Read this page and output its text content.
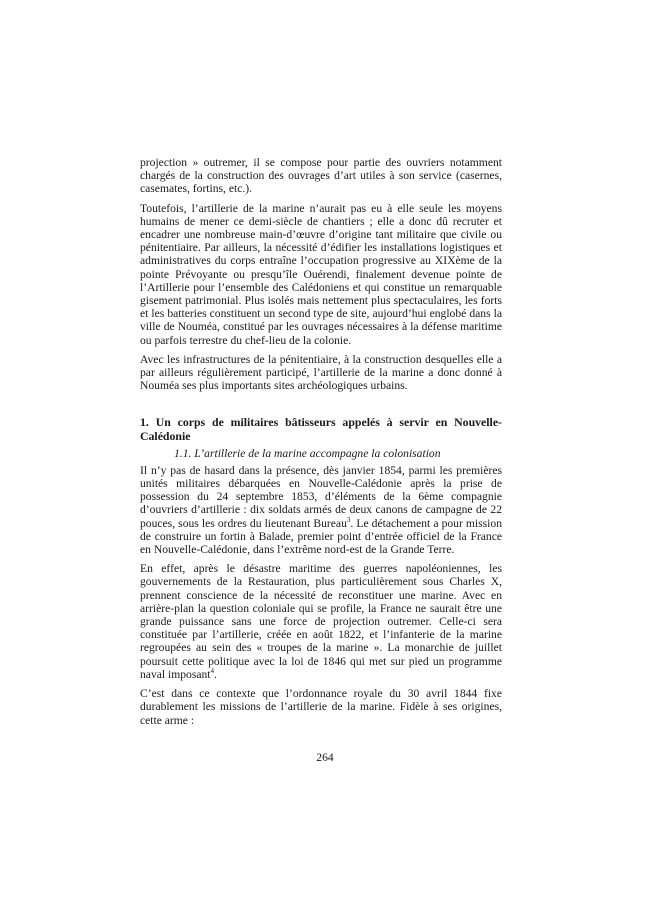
projection » outremer, il se compose pour partie des ouvriers notamment chargés de la construction des ouvrages d’art utiles à son service (casernes, casemates, fortins, etc.).

Toutefois, l’artillerie de la marine n’aurait pas eu à elle seule les moyens humains de mener ce demi-siècle de chantiers ; elle a donc dû recruter et encadrer une nombreuse main-d’œuvre d’origine tant militaire que civile ou pénitentiaire. Par ailleurs, la nécessité d’édifier les installations logistiques et administratives du corps entraîne l’occupation progressive au XIXème de la pointe Prévoyante ou presqu’île Ouérendi, finalement devenue pointe de l’Artillerie pour l’ensemble des Calédoniens et qui constitue un remarquable gisement patrimonial. Plus isolés mais nettement plus spectaculaires, les forts et les batteries constituent un second type de site, aujourd’hui englobé dans la ville de Nouméa, constitué par les ouvrages nécessaires à la défense maritime ou parfois terrestre du chef-lieu de la colonie.

Avec les infrastructures de la pénitentiaire, à la construction desquelles elle a par ailleurs régulièrement participé, l’artillerie de la marine a donc donné à Nouméa ses plus importants sites archéologiques urbains.

1. Un corps de militaires bâtisseurs appelés à servir en Nouvelle-Calédonie
1.1. L’artillerie de la marine accompagne la colonisation

Il n’y pas de hasard dans la présence, dès janvier 1854, parmi les premières unités militaires débarquées en Nouvelle-Calédonie après la prise de possession du 24 septembre 1853, d’éléments de la 6ème compagnie d’ouvriers d’artillerie : dix soldats armés de deux canons de campagne de 22 pouces, sous les ordres du lieutenant Bureau$^3$. Le détachement a pour mission de construire un fortin à Balade, premier point d’entrée officiel de la France en Nouvelle-Calédonie, dans l’extrême nord-est de la Grande Terre.

En effet, après le désastre maritime des guerres napoléoniennes, les gouvernements de la Restauration, plus particulièrement sous Charles X, prennent conscience de la nécessité de reconstituer une marine. Avec en arrière-plan la question coloniale qui se profile, la France ne saurait être une grande puissance sans une force de projection outremer. Celle-ci sera constituée par l’artillerie, créée en août 1822, et l’infanterie de la marine regroupées au sein des « troupes de la marine ». La monarchie de juillet poursuit cette politique avec la loi de 1846 qui met sur pied un programme naval imposant$^4$.

C’est dans ce contexte que l’ordonnance royale du 30 avril 1844 fixe durablement les missions de l’artillerie de la marine. Fidèle à ses origines, cette arme :

264
